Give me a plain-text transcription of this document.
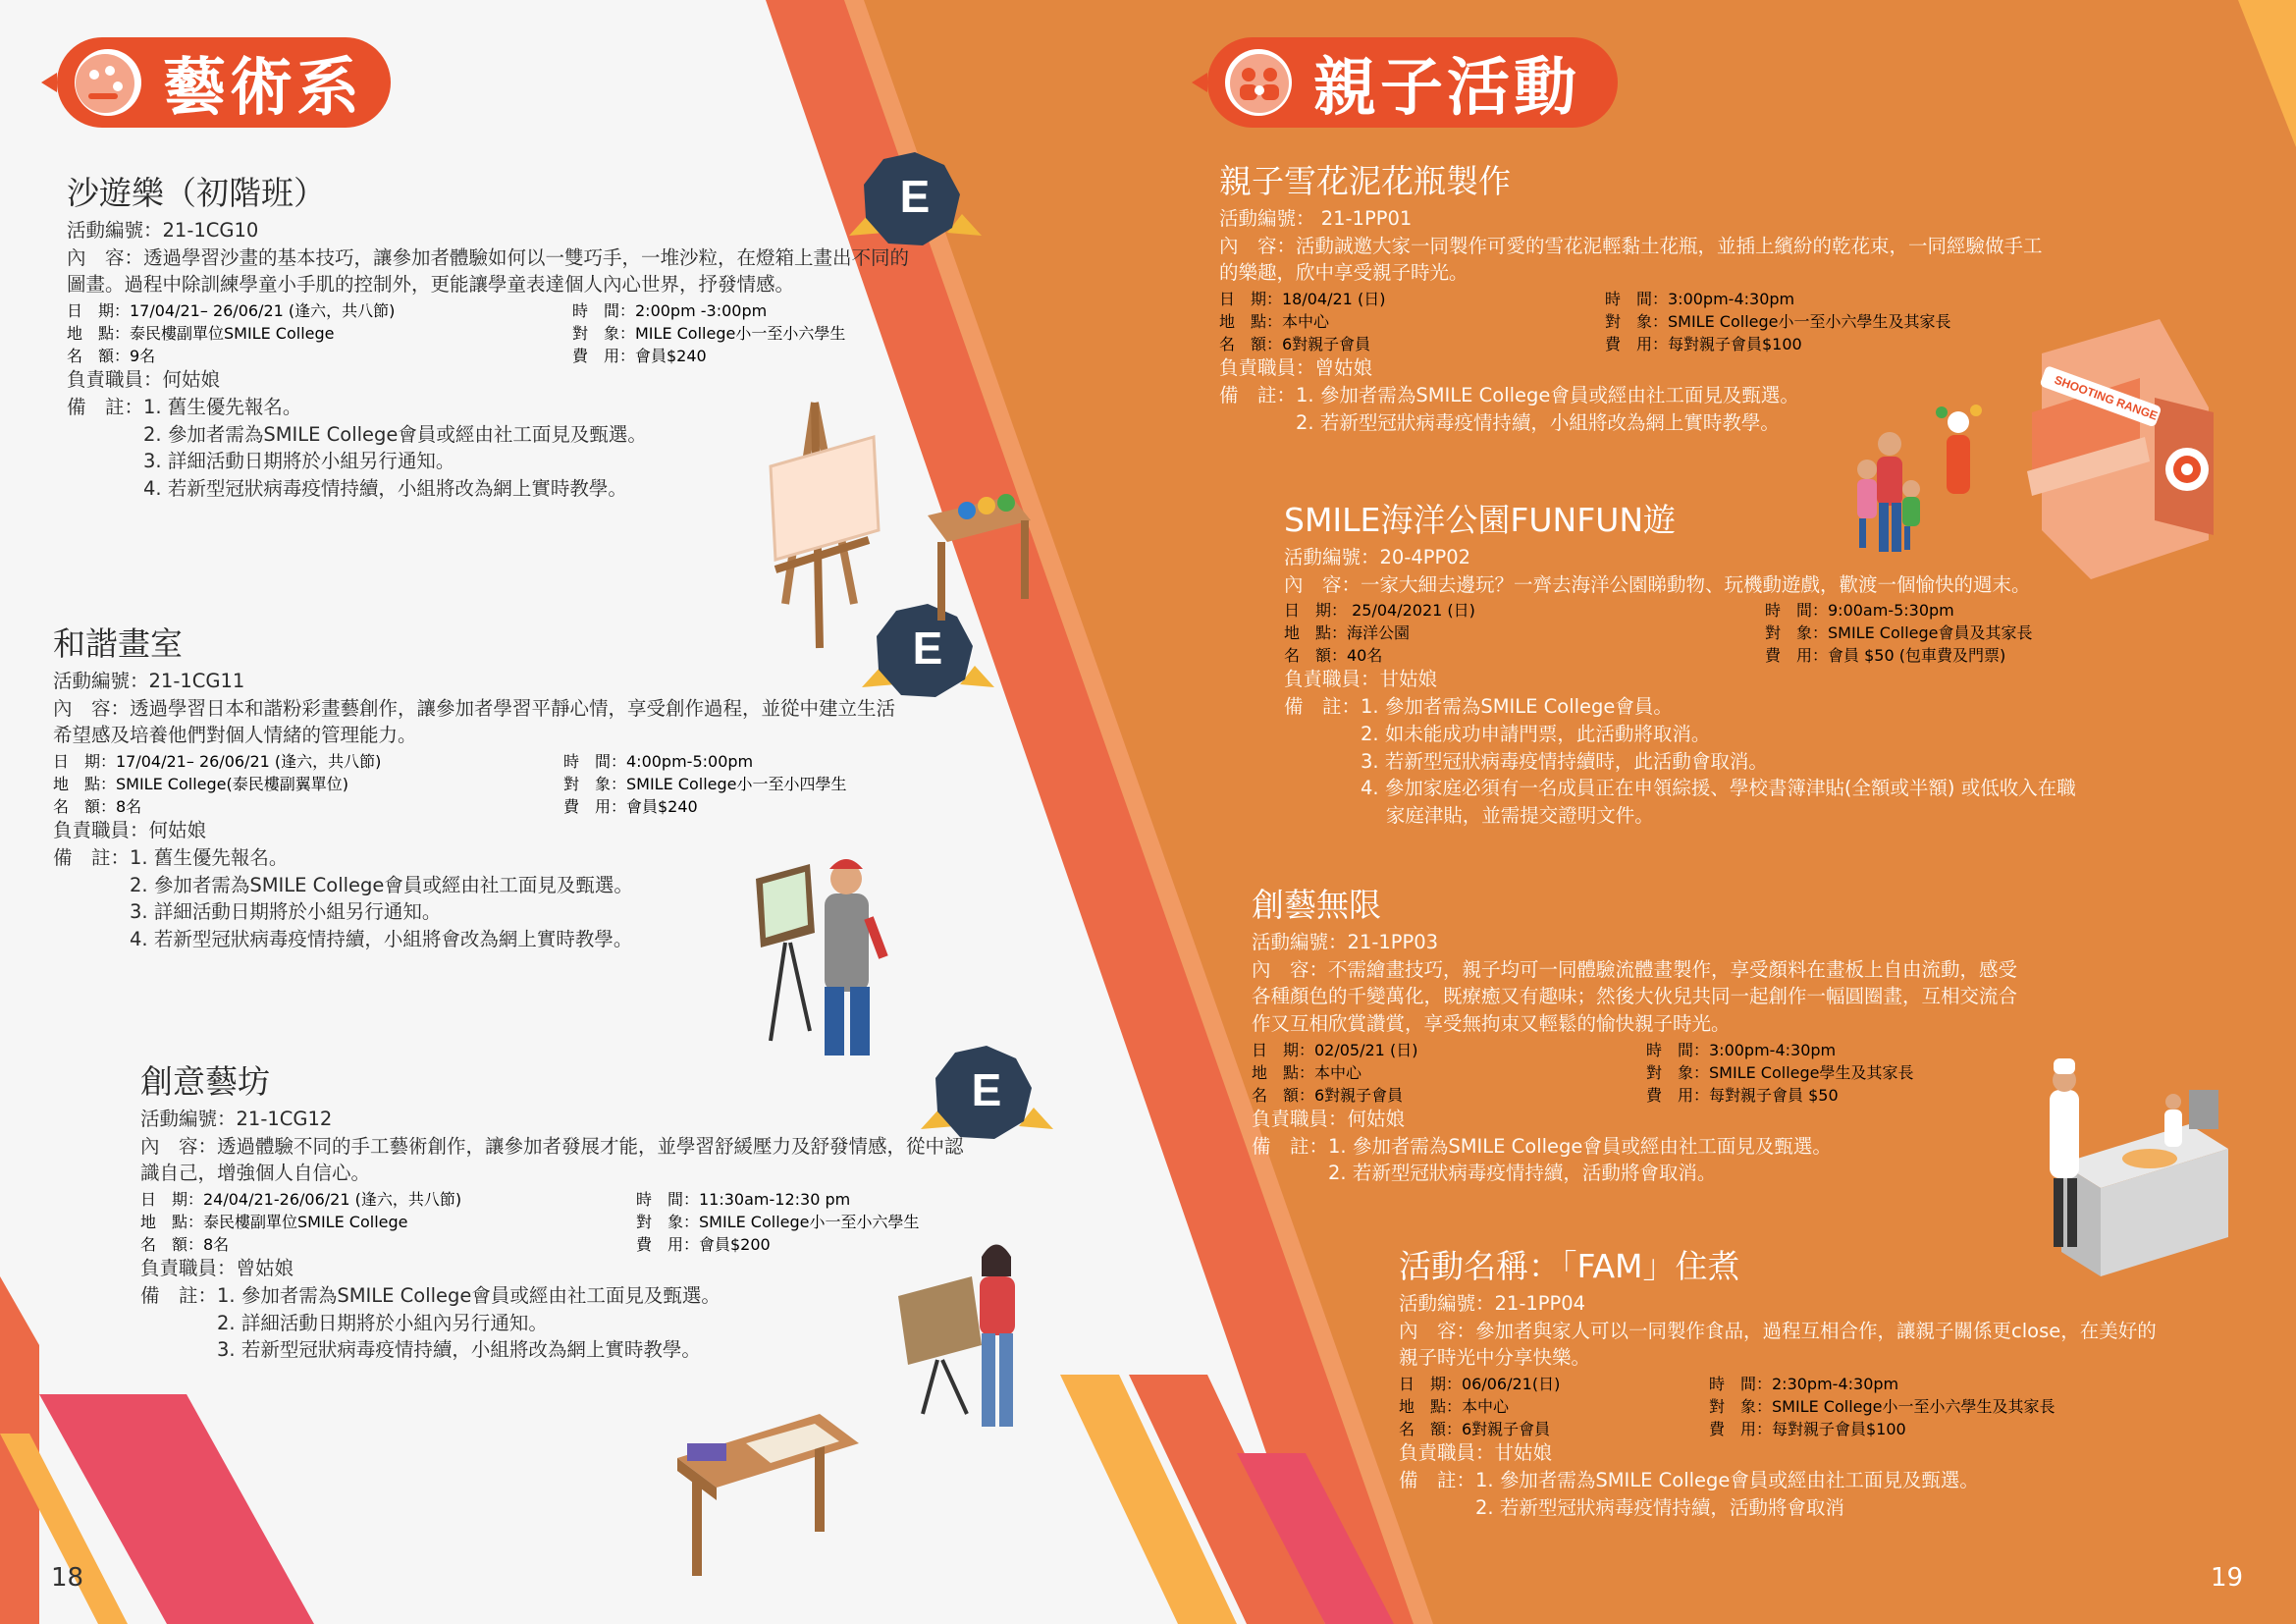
E
E
E
SHOOTING RANGE
藝術系	親子活動
沙遊樂（初階班）
活動編號：21-1CG10
內　容：透過學習沙畫的基本技巧，讓參加者體驗如何以一雙巧手，一堆沙粒，在燈箱上畫出不同的
圖畫。過程中除訓練學童小手肌的控制外，更能讓學童表達個人內心世界，抒發情感。
日　期：17/04/21– 26/06/21 (逢六，共八節)	時　間：2:00pm -3:00pm
地　點：泰民樓副單位SMILE College	對　象：MILE College小一至小六學生
名　額：9名	費　用：會員$240
負責職員：何姑娘
備　註： 1. 舊生優先報名。
2. 參加者需為SMILE College會員或經由社工面見及甄選。
3. 詳細活動日期將於小組另行通知。
4. 若新型冠狀病毒疫情持續，小組將改為網上實時教學。
和諧畫室
活動編號：21-1CG11
內　容：透過學習日本和諧粉彩畫藝創作，讓參加者學習平靜心情，享受創作過程，並從中建立生活
希望感及培養他們對個人情緒的管理能力。
日　期：17/04/21– 26/06/21 (逢六，共八節)	時　間：4:00pm-5:00pm
地　點：SMILE College(泰民樓副翼單位)	對　象：SMILE College小一至小四學生
名　額：8名	費　用：會員$240
負責職員：何姑娘
備　註： 1. 舊生優先報名。
2. 參加者需為SMILE College會員或經由社工面見及甄選。
3. 詳細活動日期將於小組另行通知。
4. 若新型冠狀病毒疫情持續，小組將會改為網上實時教學。
創意藝坊
活動編號：21-1CG12
內　容：透過體驗不同的手工藝術創作，讓參加者發展才能，並學習舒緩壓力及舒發情感，從中認
識自己，增強個人自信心。
日　期：24/04/21-26/06/21 (逢六，共八節)	時　間：11:30am-12:30 pm
地　點：泰民樓副單位SMILE College	對　象：SMILE College小一至小六學生
名　額：8名	費　用：會員$200
負責職員：曾姑娘
備　註： 1. 參加者需為SMILE College會員或經由社工面見及甄選。
2. 詳細活動日期將於小組內另行通知。
3. 若新型冠狀病毒疫情持續，小組將改為網上實時教學。
18
親子雪花泥花瓶製作
活動編號： 21-1PP01
內　容：活動誠邀大家一同製作可愛的雪花泥輕黏土花瓶，並插上繽紛的乾花束，一同經驗做手工
的樂趣，欣中享受親子時光。
日　期：18/04/21 (日)	時　間：3:00pm-4:30pm
地　點：本中心	對　象：SMILE College小一至小六學生及其家長
名　額：6對親子會員	費　用：每對親子會員$100
負責職員：曾姑娘
備　註： 1. 參加者需為SMILE College會員或經由社工面見及甄選。
2. 若新型冠狀病毒疫情持續，小組將改為網上實時教學。
SMILE海洋公園FUNFUN遊
活動編號：20-4PP02
內　容：一家大細去邊玩？一齊去海洋公園睇動物、玩機動遊戲，歡渡一個愉快的週末。
日　期： 25/04/2021 (日)	時　間：9:00am-5:30pm
地　點：海洋公園	對　象：SMILE College會員及其家長
名　額：40名	費　用：會員 $50 (包車費及門票)
負責職員：甘姑娘
備　註： 1. 參加者需為SMILE College會員。
2. 如未能成功申請門票，此活動將取消。
3. 若新型冠狀病毒疫情持續時，此活動會取消。
4. 參加家庭必須有一名成員正在申領綜援、學校書簿津貼(全額或半額) 或低收入在職
　 家庭津貼，並需提交證明文件。
創藝無限
活動編號：21-1PP03
內　容：不需繪畫技巧，親子均可一同體驗流體畫製作，享受顏料在畫板上自由流動，感受
各種顏色的千變萬化，既療癒又有趣味；然後大伙兒共同一起創作一幅圓圈畫，互相交流合
作又互相欣賞讚賞，享受無拘束又輕鬆的愉快親子時光。
日　期：02/05/21 (日)	時　間：3:00pm-4:30pm
地　點：本中心	對　象：SMILE College學生及其家長
名　額：6對親子會員	費　用：每對親子會員 $50
負責職員：何姑娘
備　註： 1. 參加者需為SMILE College會員或經由社工面見及甄選。
2. 若新型冠狀病毒疫情持續，活動將會取消。
活動名稱：「FAM」住煮
活動編號：21-1PP04
內　容：參加者與家人可以一同製作食品，過程互相合作，讓親子關係更close，在美好的
親子時光中分享快樂。
日　期：06/06/21(日)	時　間：2:30pm-4:30pm
地　點：本中心	對　象：SMILE College小一至小六學生及其家長
名　額：6對親子會員	費　用：每對親子會員$100
負責職員：甘姑娘
備　註： 1. 參加者需為SMILE College會員或經由社工面見及甄選。
2. 若新型冠狀病毒疫情持續，活動將會取消
19
